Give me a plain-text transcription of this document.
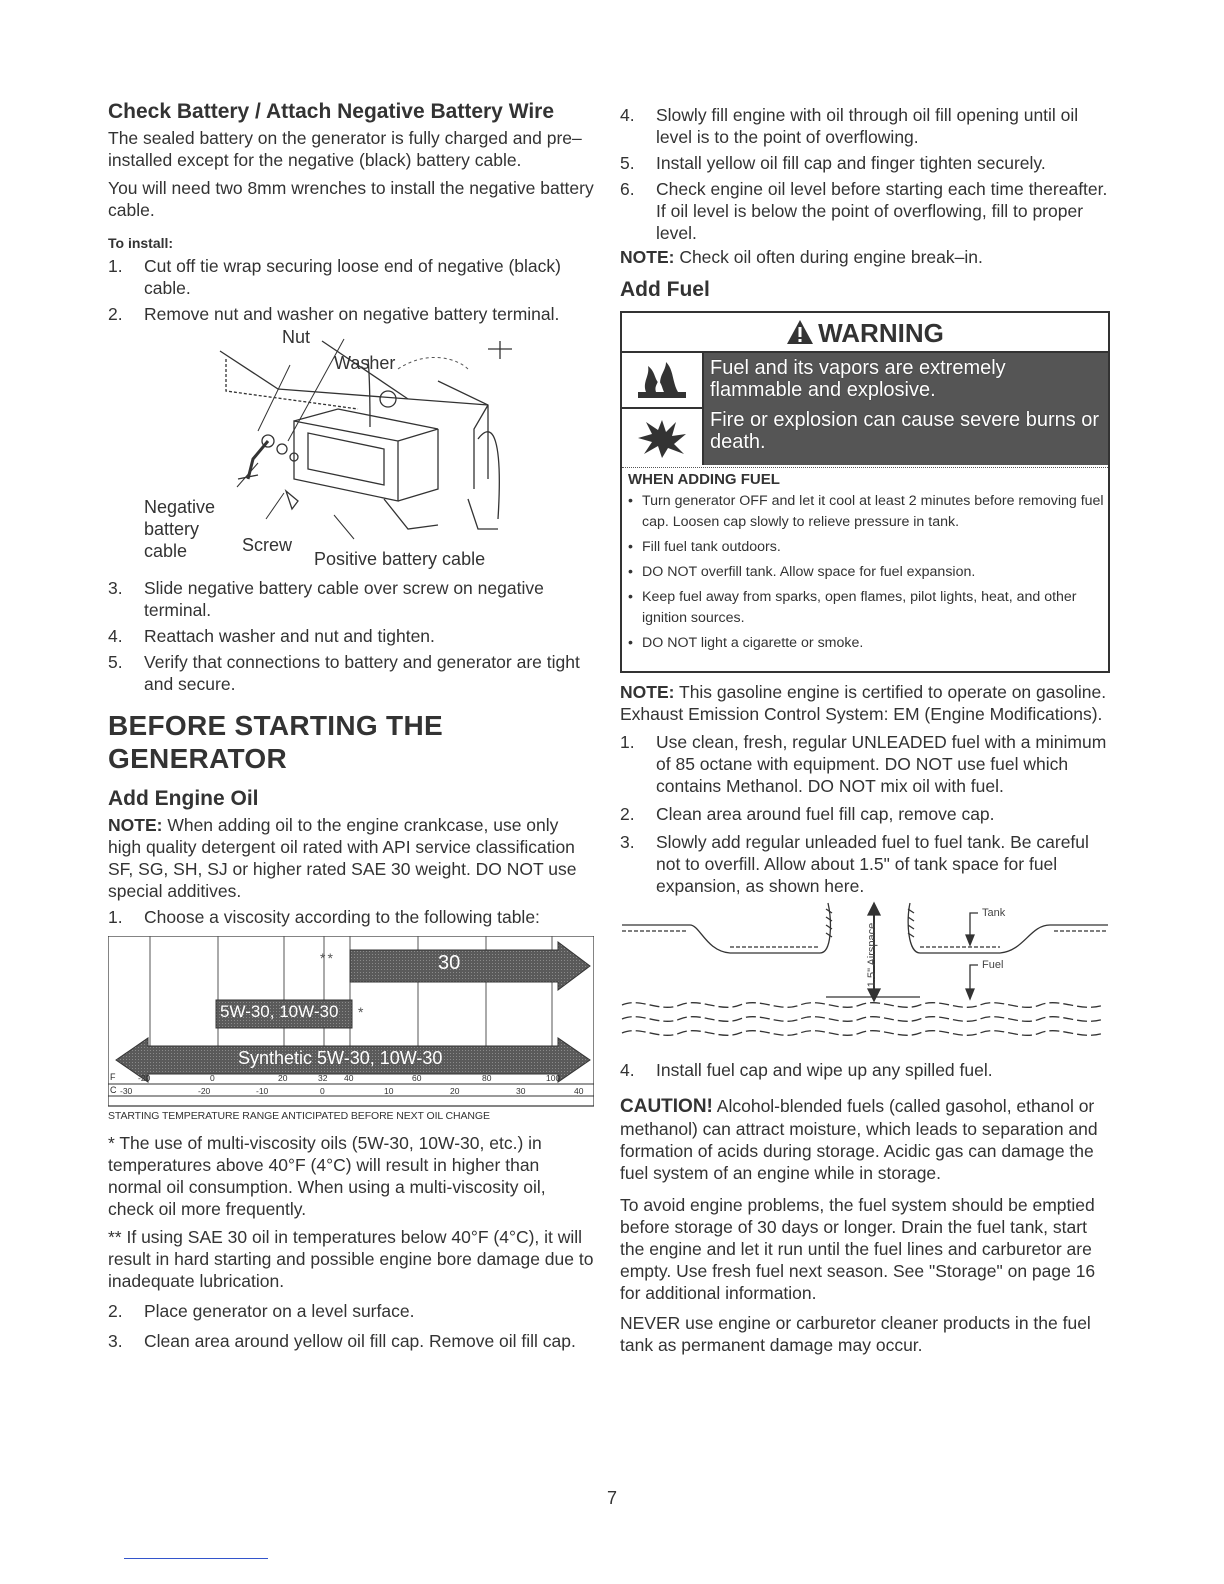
Check Battery / Attach Negative Battery Wire

The sealed battery on the generator is fully charged and pre–installed except for the negative (black) battery cable.

You will need two 8mm wrenches to install the negative battery cable.

To install:
1. Cut off tie wrap securing loose end of negative (black) cable.
2. Remove nut and washer on negative battery terminal.
Nut
Washer
Negative
battery
cable	Screw
Positive battery cable
3. Slide negative battery cable over screw on negative terminal.
4. Reattach washer and nut and tighten.
5. Verify that connections to battery and generator are tight and secure.
BEFORE STARTING THE GENERATOR
Add Engine Oil

NOTE: When adding oil to the engine crankcase, use only high quality detergent oil rated with API service classification SF, SG, SH, SJ or higher rated SAE 30 weight. DO NOT use special additives.

1. Choose a viscosity according to the following table:
30
**
5W-30, 10W-30 *
Synthetic 5W-30, 10W-30
F
C
-20	0	20	32 40	60	80	100
-30	-20	-10	0	10	20	30	40
STARTING TEMPERATURE RANGE ANTICIPATED BEFORE NEXT OIL CHANGE

* The use of multi-viscosity oils (5W-30, 10W-30, etc.) in temperatures above 40°F (4°C) will result in higher than normal oil consumption. When using a multi-viscosity oil, check oil more frequently.

** If using SAE 30 oil in temperatures below 40°F (4°C), it will result in hard starting and possible engine bore damage due to inadequate lubrication.

2. Place generator on a level surface.
3. Clean area around yellow oil fill cap. Remove oil fill cap.
4. Slowly fill engine with oil through oil fill opening until oil level is to the point of overflowing.
5. Install yellow oil fill cap and finger tighten securely.
6. Check engine oil level before starting each time thereafter. If oil level is below the point of overflowing, fill to proper level.

NOTE: Check oil often during engine break–in.

Add Fuel
WARNING
Fuel and its vapors are extremely flammable and explosive.
Fire or explosion can cause severe burns or death.
WHEN ADDING FUEL
• Turn generator OFF and let it cool at least 2 minutes before removing fuel cap. Loosen cap slowly to relieve pressure in tank.
• Fill fuel tank outdoors.
• DO NOT overfill tank. Allow space for fuel expansion.
• Keep fuel away from sparks, open flames, pilot lights, heat, and other ignition sources.
• DO NOT light a cigarette or smoke.

NOTE: This gasoline engine is certified to operate on gasoline. Exhaust Emission Control System: EM (Engine Modifications).

1. Use clean, fresh, regular UNLEADED fuel with a minimum of 85 octane with equipment. DO NOT use fuel which contains Methanol. DO NOT mix oil with fuel.
2. Clean area around fuel fill cap, remove cap.
3. Slowly add regular unleaded fuel to fuel tank. Be careful not to overfill. Allow about 1.5" of tank space for fuel expansion, as shown here.
Tank
Fuel
1.5" Airspace
4. Install fuel cap and wipe up any spilled fuel.

CAUTION! Alcohol-blended fuels (called gasohol, ethanol or methanol) can attract moisture, which leads to separation and formation of acids during storage. Acidic gas can damage the fuel system of an engine while in storage.

To avoid engine problems, the fuel system should be emptied before storage of 30 days or longer. Drain the fuel tank, start the engine and let it run until the fuel lines and carburetor are empty. Use fresh fuel next season. See "Storage" on page 16 for additional information.

NEVER use engine or carburetor cleaner products in the fuel tank as permanent damage may occur.

7
